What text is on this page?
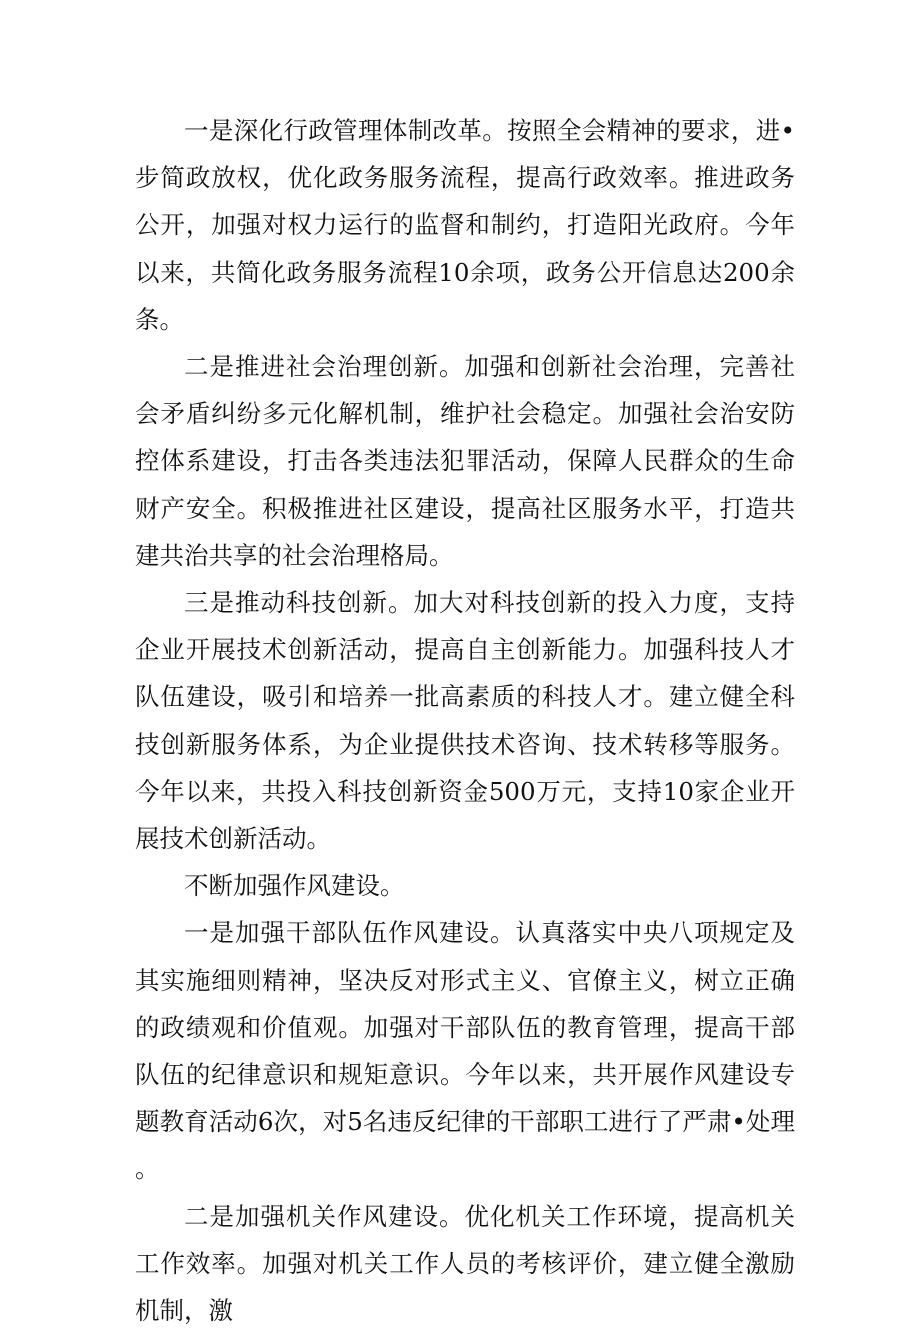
一是深化行政管理体制改革。按照全会精神的要求，进•步简政放权，优化政务服务流程，提高行政效率。推进政务公开，加强对权力运行的监督和制约，打造阳光政府。今年以来，共简化政务服务流程10余项，政务公开信息达200余条。

二是推进社会治理创新。加强和创新社会治理，完善社会矛盾纠纷多元化解机制，维护社会稳定。加强社会治安防控体系建设，打击各类违法犯罪活动，保障人民群众的生命财产安全。积极推进社区建设，提高社区服务水平，打造共建共治共享的社会治理格局。

三是推动科技创新。加大对科技创新的投入力度，支持企业开展技术创新活动，提高自主创新能力。加强科技人才队伍建设，吸引和培养一批高素质的科技人才。建立健全科技创新服务体系，为企业提供技术咨询、技术转移等服务。今年以来，共投入科技创新资金500万元，支持10家企业开展技术创新活动。

不断加强作风建设。

一是加强干部队伍作风建设。认真落实中央八项规定及其实施细则精神，坚决反对形式主义、官僚主义，树立正确的政绩观和价值观。加强对干部队伍的教育管理，提高干部队伍的纪律意识和规矩意识。今年以来，共开展作风建设专题教育活动6次，对5名违反纪律的干部职工进行了严肃•处理。

二是加强机关作风建设。优化机关工作环境，提高机关工作效率。加强对机关工作人员的考核评价，建立健全激励机制，激
